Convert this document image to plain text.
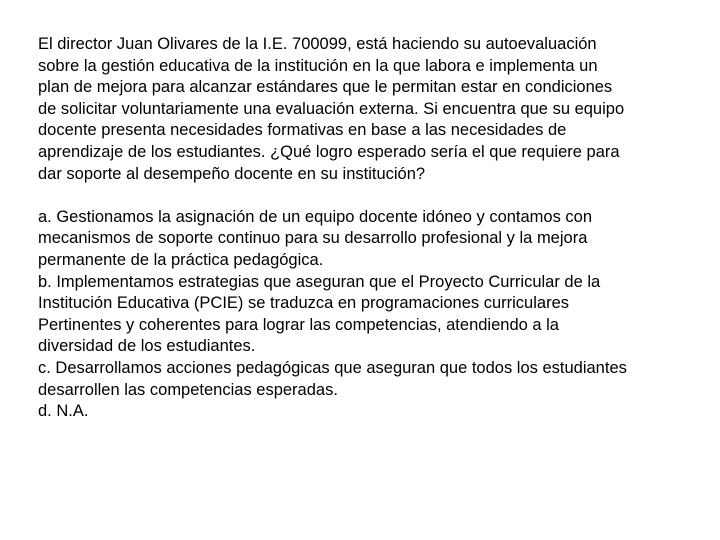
El director Juan Olivares de la I.E. 700099, está haciendo su autoevaluación
sobre la gestión educativa de la institución en la que labora e implementa un
plan de mejora para alcanzar estándares que le permitan estar en condiciones
de solicitar voluntariamente una evaluación externa. Si encuentra que su equipo
docente presenta necesidades formativas en base a las necesidades de
aprendizaje de los estudiantes. ¿Qué logro esperado sería el que requiere para
dar soporte al desempeño docente en su institución?

a. Gestionamos la asignación de un equipo docente idóneo y contamos con
mecanismos de soporte continuo para su desarrollo profesional y la mejora
permanente de la práctica pedagógica.

b. Implementamos estrategias que aseguran que el Proyecto Curricular de la
Institución Educativa (PCIE) se traduzca en programaciones curriculares
Pertinentes y coherentes para lograr las competencias, atendiendo a la
diversidad de los estudiantes.

c. Desarrollamos acciones pedagógicas que aseguran que todos los estudiantes
desarrollen las competencias esperadas.

d. N.A.
